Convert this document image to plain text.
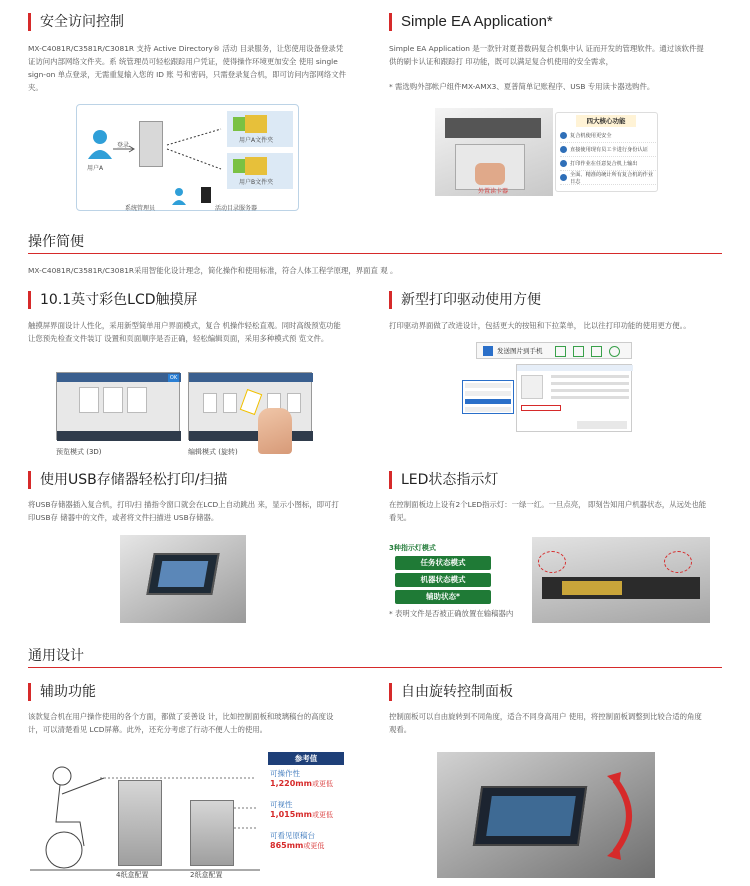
安全访问控制
MX-C4081R/C3581R/C3081R 支持 Active Directory® 活动 目录服务，让您使用设备登录凭证访问内部网络文件夹。系 统管理员可轻松跟踪用户凭证，使得操作环境更加安全 使用 single sign-on 单点登录，无需重复输入您的 ID 账 号和密码，只需登录复合机，即可访问内部网络文件夹。
用户A
登录
用户A文件夹
用户B文件夹
系统管理员	活动目录服务器
Simple EA Application*
Simple EA Application 是一款针对夏普数码复合机集中认 证而开发的管理软件。通过该软件提供的刷卡认证和跟踪打 印功能，既可以满足复合机使用的安全需求，
* 需选购外部帐户组件MX-AMX3、夏普简单记账程序、USB 专用读卡器选购件。
外置读卡器
四大核心功能
复合机使用更安全
直接使用现有员工卡进行身份认证
打印作业在任意复合机上输出
全面、精准的统计所有复合机的作业日志
操作简便
MX-C4081R/C3581R/C3081R采用智能化设计理念，简化操作和使用标准，符合人体工程学原理，界面直 观 。
10.1英寸彩色LCD触摸屏
触摸屏界面设计人性化，采用新型简单用户界面模式，复合 机操作轻松直观。同时高级预览功能让您预先检查文件装订 设置和页面顺序是否正确，轻松编辑页面，采用多种模式预 览文件。
OK
预览模式 (3D)	编辑模式 (旋转)
新型打印驱动使用方便
打印驱动界面做了改进设计，包括更大的按钮和下拉菜单， 比以往打印功能的使用更方便。。
发送图片到手机
使用USB存储器轻松打印/扫描
将USB存储器插入复合机，打印/扫 描指令窗口就会在LCD上自动跳出 来，显示小图标，即可打印USB存 储器中的文件，或者将文件扫描进 USB存储器。
LED状态指示灯
在控制面板边上设有2个LED指示灯：一绿一红。一旦点亮， 即刻告知用户机器状态，从远处也能看见。
3种指示灯模式
任务状态模式
机器状态模式
辅助状态*
* 表明文件是否被正确放置在输稿器内
通用设计
辅助功能
该款复合机在用户操作使用的各个方面，都做了妥善设 计，比如控制面板和玻璃稿台的高度设计，可以清楚看见 LCD屏幕。此外，还充分考虑了行动不便人士的使用。
4纸盒配置	2纸盒配置
参考值
可操作性
1,220mm或更低
可视性
1,015mm或更低
可看见原稿台
865mm或更低
自由旋转控制面板
控制面板可以自由旋转到不同角度，适合不同身高用户 使用，将控制面板调整到比较合适的角度观看。
